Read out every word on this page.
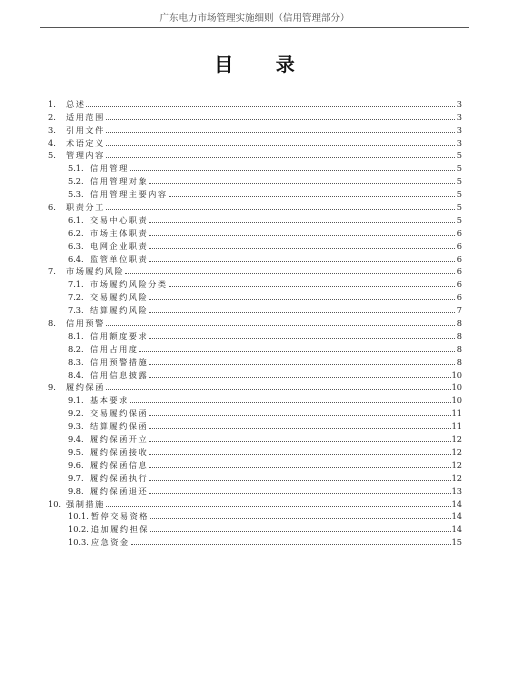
广东电力市场管理实施细则（信用管理部分）
目 录
1.	总述	3
2.	适用范围	3
3.	引用文件	3
4.	术语定义	3
5.	管理内容	5
5.1. 信用管理	5
5.2. 信用管理对象	5
5.3. 信用管理主要内容	5
6.	职责分工	5
6.1. 交易中心职责	5
6.2. 市场主体职责	6
6.3. 电网企业职责	6
6.4. 监管单位职责	6
7.	市场履约风险	6
7.1. 市场履约风险分类	6
7.2. 交易履约风险	6
7.3. 结算履约风险	7
8.	信用预警	8
8.1. 信用额度要求	8
8.2. 信用占用度	8
8.3. 信用预警措施	8
8.4. 信用信息披露	10
9.	履约保函	10
9.1. 基本要求	10
9.2. 交易履约保函	11
9.3. 结算履约保函	11
9.4. 履约保函开立	12
9.5. 履约保函接收	12
9.6. 履约保函信息	12
9.7. 履约保函执行	12
9.8. 履约保函退还	13
10. 强制措施	14
10.1. 暂停交易资格	14
10.2. 追加履约担保	14
10.3. 应急资金	15
